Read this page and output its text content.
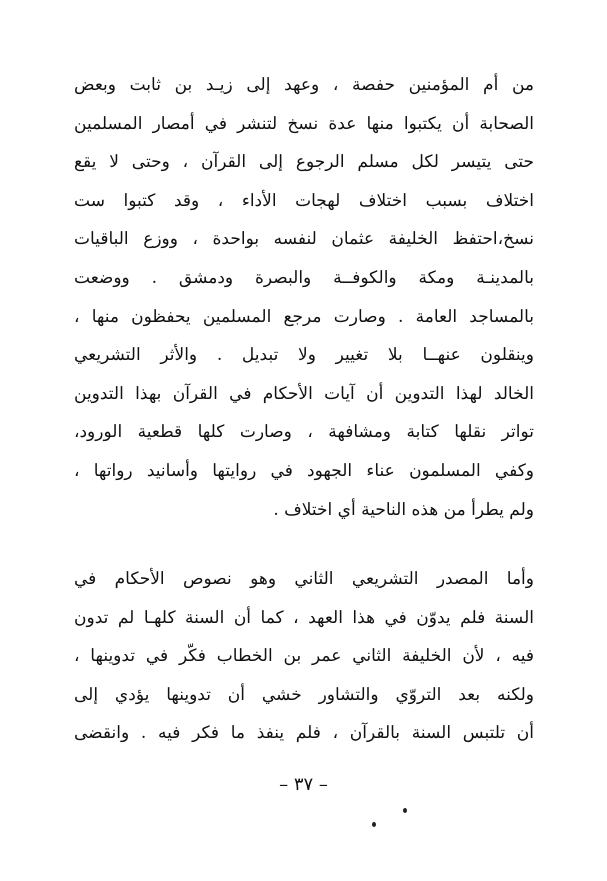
من أم المؤمنين حفصة ، وعهد إلى زيـد بن ثابت وبعض
الصحابة أن يكتبوا منها عدة نسخ لتنشر في أمصار المسلمين
حتى يتيسر لكل مسلم الرجوع إلى القرآن ، وحتى لا يقع
اختلاف بسبب اختلاف لهجات الأداء ، وقد كتبوا ست
نسخ،احتفظ الخليفة عثمان لنفسه بواحدة ، ووزع الباقيات
بالمدينـة ومكة والكوفــة والبصرة ودمشق . ووضعت
بالمساجد العامة . وصارت مرجع المسلمين يحفظون منها ،
وينقلون عنهــا بلا تغيير ولا تبديل . والأثر التشريعي
الخالد لهذا التدوين أن آيات الأحكام في القرآن بهذا التدوين
تواتر نقلها كتابة ومشافهة ، وصارت كلها قطعية الورود،
وكفي المسلمون عناء الجهود في روايتها وأسانيد رواتها ،
ولم يطرأ من هذه الناحية أي اختلاف .
وأما المصدر التشريعي الثاني وهو نصوص الأحكام في
السنة فلم يدوّن في هذا العهد ، كما أن السنة كلهـا لم تدون
فيه ، لأن الخليفة الثاني عمر بن الخطاب فكّر في تدوينها ،
ولكنه بعد التروّي والتشاور خشي أن تدوينها يؤدي إلى
أن تلتبس السنة بالقرآن ، فلم ينفذ ما فكر فيه . وانقضى
– ٣٧ –
